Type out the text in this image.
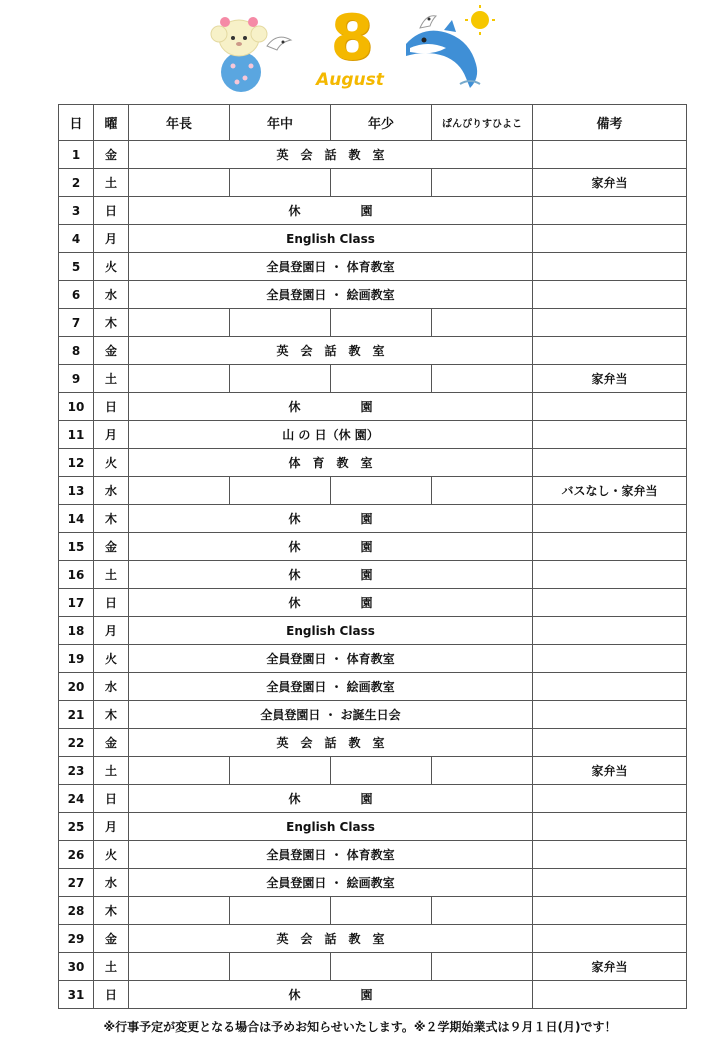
8
August
日	曜	年長	年中	年少	ぱんぴりすひよこ	備考
1	金	英　会　話　教　室				
2	土					家弁当
3	日	休　　　　　園				
4	月	English Class				
5	火	全員登園日 ・ 体育教室				
6	水	全員登園日 ・ 絵画教室				
7	木					
8	金	英　会　話　教　室				
9	土					家弁当
10	日	休　　　　　園				
11	月	山 の 日（休 園）				
12	火	体　育　教　室				
13	水					バスなし・家弁当
14	木	休　　　　　園				
15	金	休　　　　　園				
16	土	休　　　　　園				
17	日	休　　　　　園				
18	月	English Class				
19	火	全員登園日 ・ 体育教室				
20	水	全員登園日 ・ 絵画教室				
21	木	全員登園日 ・ お誕生日会				
22	金	英　会　話　教　室				
23	土					家弁当
24	日	休　　　　　園				
25	月	English Class				
26	火	全員登園日 ・ 体育教室				
27	水	全員登園日 ・ 絵画教室				
28	木					
29	金	英　会　話　教　室				
30	土					家弁当
31	日	休　　　　　園				
※行事予定が変更となる場合は予めお知らせいたします。※２学期始業式は９月１日(月)です！
